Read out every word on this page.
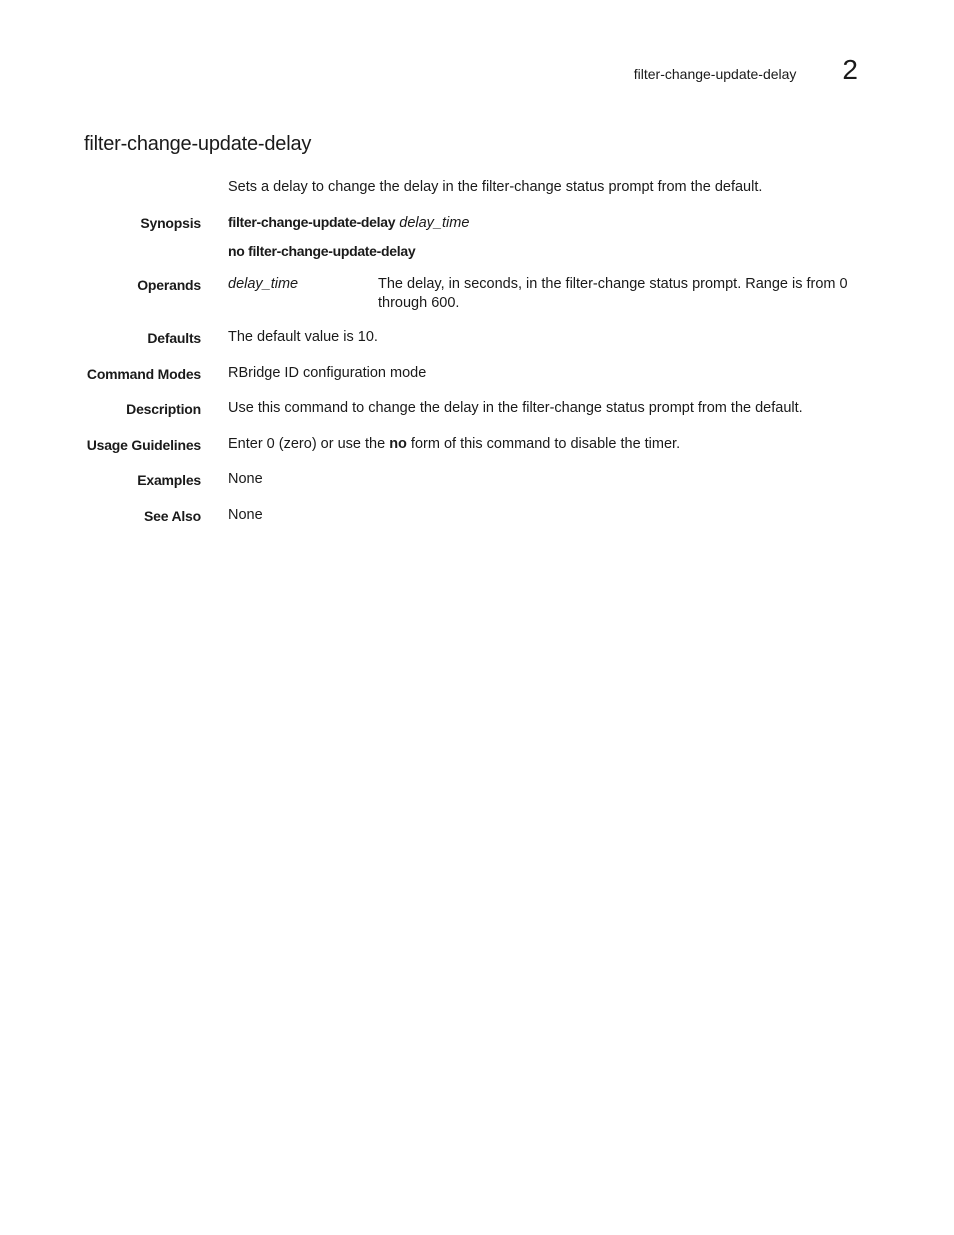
filter-change-update-delay 2
filter-change-update-delay
Sets a delay to change the delay in the filter-change status prompt from the default.
Synopsis filter-change-update-delay delay_time
no filter-change-update-delay
Operands delay_time	The delay, in seconds, in the filter-change status prompt. Range is from 0 through 600.
Defaults The default value is 10.
Command Modes RBridge ID configuration mode
Description Use this command to change the delay in the filter-change status prompt from the default.
Usage Guidelines Enter 0 (zero) or use the no form of this command to disable the timer.
Examples None
See Also None
